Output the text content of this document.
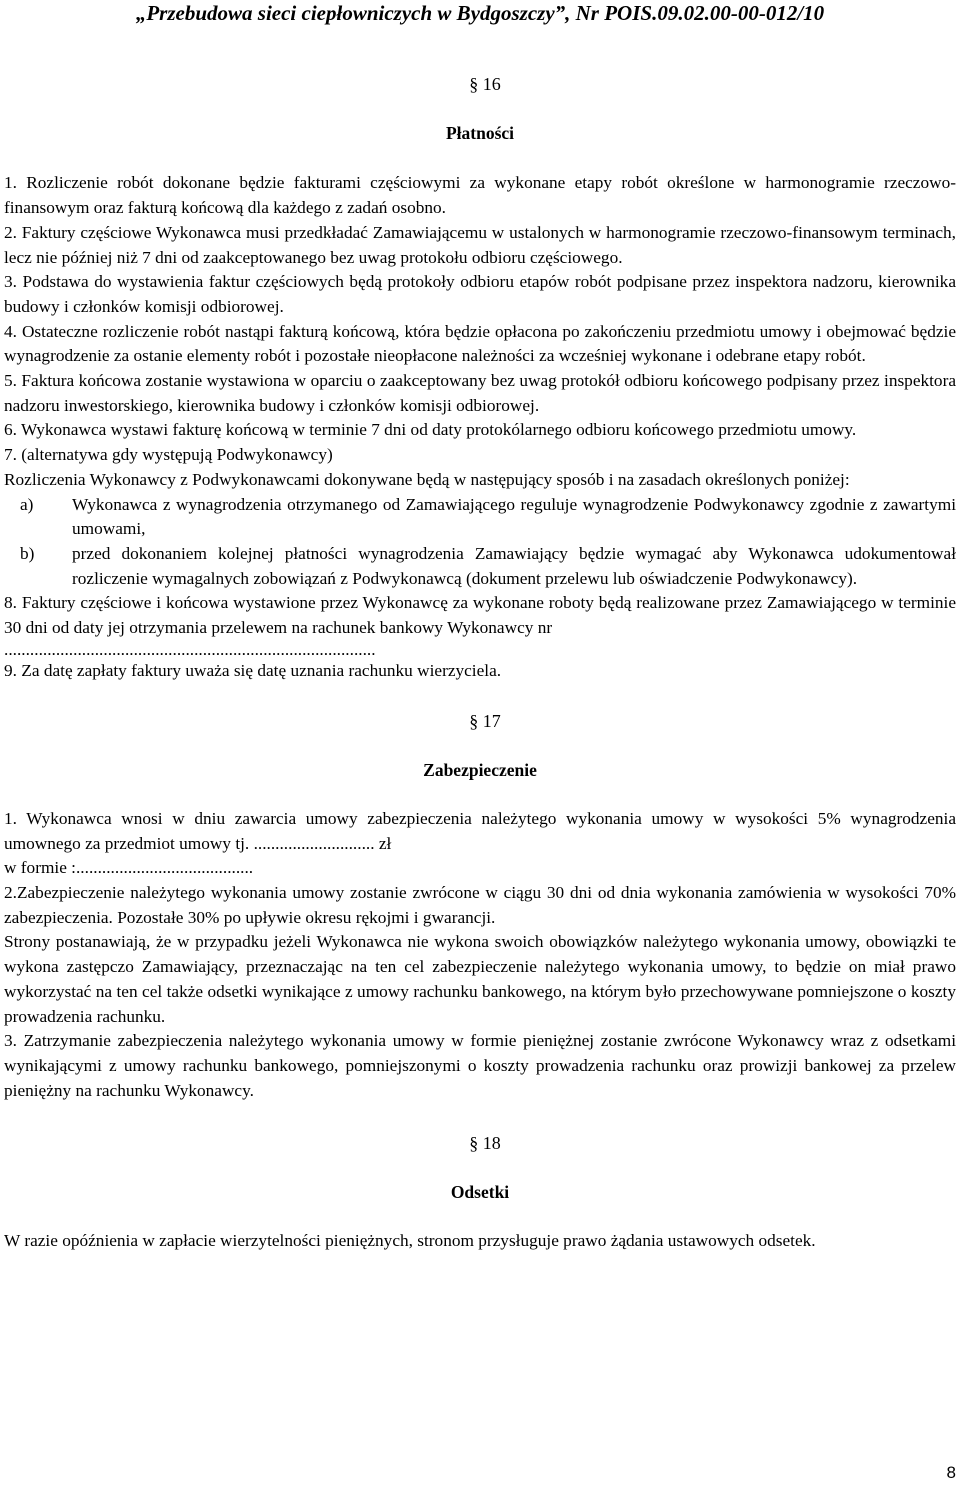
„Przebudowa sieci ciepłowniczych w Bydgoszczy”, Nr POIS.09.02.00-00-012/10

§ 16

Płatności

1. Rozliczenie robót dokonane będzie fakturami częściowymi za wykonane etapy robót określone w harmonogramie rzeczowo-finansowym oraz fakturą końcową dla każdego z zadań osobno.

2. Faktury częściowe Wykonawca musi przedkładać Zamawiającemu w ustalonych w harmonogramie rzeczowo-finansowym terminach, lecz nie później niż 7 dni od zaakceptowanego bez uwag protokołu odbioru częściowego.

3. Podstawa do wystawienia faktur częściowych będą protokoły odbioru etapów robót podpisane przez inspektora nadzoru, kierownika budowy i członków komisji odbiorowej.

4. Ostateczne rozliczenie robót nastąpi fakturą końcową, która będzie opłacona po zakończeniu przedmiotu umowy i obejmować będzie wynagrodzenie za ostanie elementy robót i pozostałe nieopłacone należności za wcześniej wykonane i odebrane etapy robót.

5. Faktura końcowa zostanie wystawiona w oparciu o zaakceptowany bez uwag protokół odbioru końcowego podpisany przez inspektora nadzoru inwestorskiego, kierownika budowy i członków komisji odbiorowej.

6. Wykonawca wystawi fakturę końcową w terminie 7 dni od daty protokólarnego odbioru końcowego przedmiotu umowy.

7. (alternatywa gdy występują Podwykonawcy)

Rozliczenia Wykonawcy z Podwykonawcami dokonywane będą w następujący sposób i na zasadach określonych poniżej:

a)	Wykonawca z wynagrodzenia otrzymanego od Zamawiającego reguluje wynagrodzenie Podwykonawcy zgodnie z zawartymi umowami,
b)	przed dokonaniem kolejnej płatności wynagrodzenia Zamawiający będzie wymagać aby Wykonawca udokumentował rozliczenie wymagalnych zobowiązań z Podwykonawcą (dokument przelewu lub oświadczenie Podwykonawcy).

8. Faktury częściowe i końcowa wystawione przez Wykonawcę za wykonane roboty będą realizowane przez Zamawiającego w terminie 30 dni od daty jej otrzymania przelewem na rachunek bankowy Wykonawcy nr

......................................................................................

9. Za datę zapłaty faktury uważa się datę uznania rachunku wierzyciela.

§ 17

Zabezpieczenie

1. Wykonawca wnosi w dniu zawarcia umowy zabezpieczenia należytego wykonania umowy w wysokości 5% wynagrodzenia umownego za przedmiot umowy tj. ............................ zł

w formie :.........................................

2.Zabezpieczenie należytego wykonania umowy zostanie zwrócone w ciągu 30 dni od dnia wykonania zamówienia w wysokości 70% zabezpieczenia. Pozostałe 30% po upływie okresu rękojmi i gwarancji.

Strony postanawiają, że w przypadku jeżeli Wykonawca nie wykona swoich obowiązków należytego wykonania umowy, obowiązki te wykona zastępczo Zamawiający, przeznaczając na ten cel zabezpieczenie należytego wykonania umowy, to będzie on miał prawo wykorzystać na ten cel także odsetki wynikające z umowy rachunku bankowego, na którym było przechowywane pomniejszone o koszty prowadzenia rachunku.

3. Zatrzymanie zabezpieczenia należytego wykonania umowy w formie pieniężnej zostanie zwrócone Wykonawcy wraz z odsetkami wynikającymi z umowy rachunku bankowego, pomniejszonymi o koszty prowadzenia rachunku oraz prowizji bankowej za przelew pieniężny na rachunku Wykonawcy.

§ 18

Odsetki

W razie opóźnienia w zapłacie wierzytelności pieniężnych, stronom przysługuje prawo żądania ustawowych odsetek.

8
